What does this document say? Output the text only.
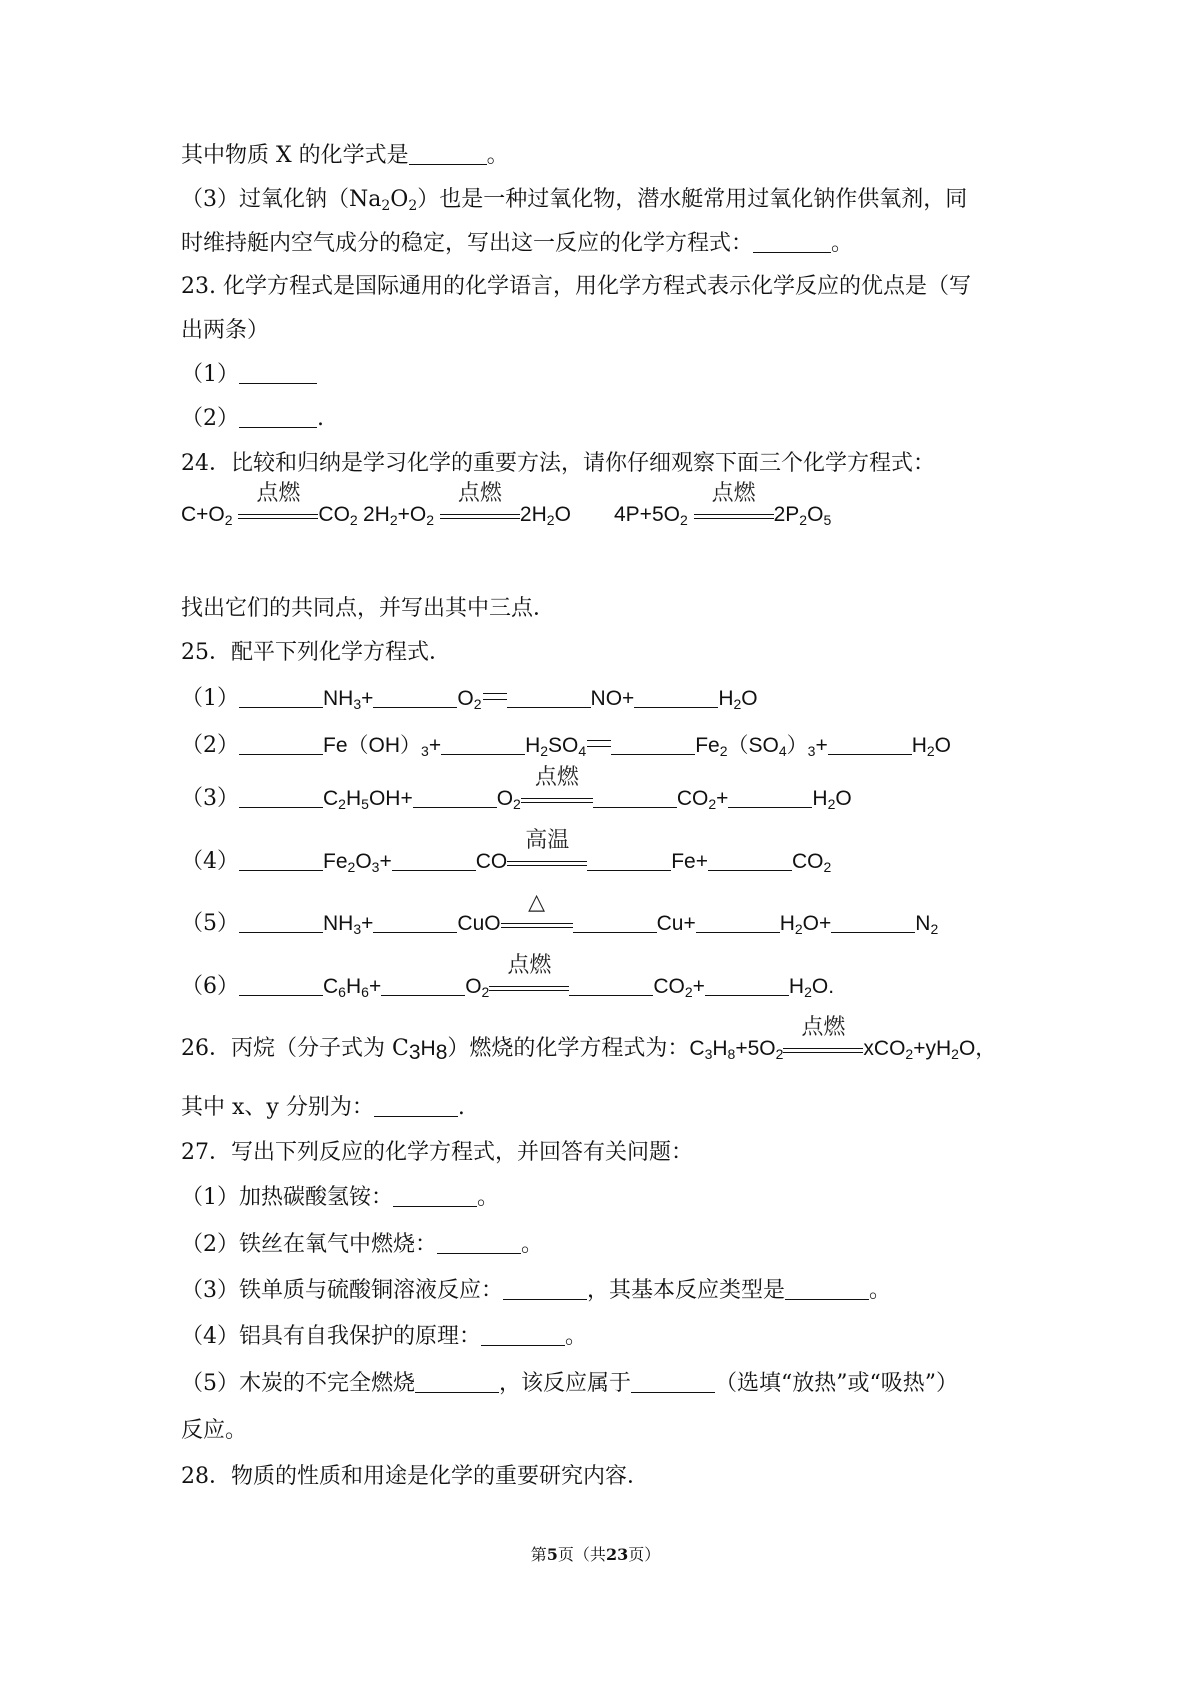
其中物质 X 的化学式是	。
（3）过氧化钠$(Na_2O_2)$也是一种过氧化物，潜水艇常用过氧化钠作供氧剂，同
时维持艇内空气成分的稳定，写出这一反应的化学方程式：	。
23. 化学方程式是国际通用的化学语言，用化学方程式表示化学反应的优点是（写
出两条）
（1）
（2）	.
24．比较和归纳是学习化学的重要方法，请你仔细观察下面三个化学方程式：
$C+O_2$
点燃
$CO_2$ $2H_2+O_2$
点燃
$2H_2O$ $4P+5O_2$
点燃
$2P_2O_5$
找出它们的共同点，并写出其中三点．
25．配平下列化学方程式．
（1）	$NH_3+$	$O_2$	NO+	$H_2O$
（2）	$Fe(OH)_3+$	$H_2SO_4$	$Fe_2(SO_4)_3+$	$H_2O$
（3）	$C_2H_5OH+$	$O_2$
点燃
$CO_2+$	$H_2O$
（4）	$Fe_2O_3+$	CO
高温
Fe+	$CO_2$
（5）	$NH_3+$	CuO
△
Cu+	$H_2O+$	$N_2$
（6）	$C_6H_6+$	$O_2$
点燃
$CO_2+$	$H_2O$.
26．丙烷（分子式为 $C_3H_8$）燃烧的化学方程式为：$C_3H_8+5O_2$
点燃
$xCO_2+yH_2O$，
其中 x、y 分别为：	.
27．写出下列反应的化学方程式，并回答有关问题：
（1）加热碳酸氢铵：	。
（2）铁丝在氧气中燃烧：	。
（3）铁单质与硫酸铜溶液反应：	，其基本反应类型是	。
（4）铝具有自我保护的原理：	。
（5）木炭的不完全燃烧	，该反应属于	（选填“放热”或“吸热”）
反应。
28．物质的性质和用途是化学的重要研究内容．
第5页（共23页）
